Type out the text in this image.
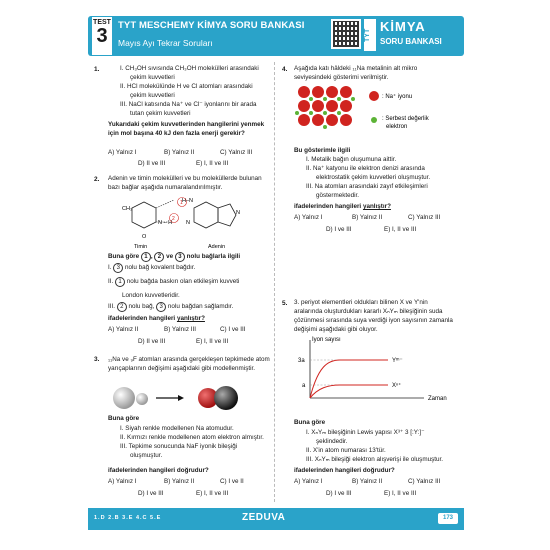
TEST
3	TYT MESCHEMY KİMYA SORU BANKASI
Mayıs Ayı Tekrar Soruları
TYT
KİMYA
SORU BANKASI
1.	I. CH₃OH sıvısında CH₃OH molekülleri arasındaki çekim kuvvetleri
II. HCl molekülünde H ve Cl atomları arasındaki çekim kuvvetleri
III. NaCl katısında Na⁺ ve Cl⁻ iyonlarını bir arada tutan çekim kuvvetleri
Yukarıdaki çekim kuvvetlerinden hangilerini yenmek için mol başına 40 kJ den fazla enerji gerekir?
A) Yalnız I	B) Yalnız II	C) Yalnız III
D) II ve III	E) I, II ve III
2. Adenin ve timin molekülleri ve bu moleküllerde bulunan bazı bağlar aşağıda numaralandırılmıştır.
CH₃
N – H
O
H–N
N
N
1
2
Timin	Adenin
Buna göre 1 , 2 ve 3 nolu bağlarla ilgili
I. 3 nolu bağ kovalent bağdır.
II. 1 nolu bağda baskın olan etkileşim kuvveti
London kuvvetleridir.
III. 2 nolu bağ, 3 nolu bağdan sağlamdır.
ifadelerinden hangileri yanlıştır?
A) Yalnız II	B) Yalnız III	C) I ve III
D) II ve III	E) I, II ve III
3. ₁₁Na ve ₉F atomları arasında gerçekleşen tepkimede atom yarıçaplarının değişimi aşağıdaki gibi modellenmiştir.
Buna göre
I. Siyah renkle modellenen Na atomudur.
II. Kırmızı renkle modellenen atom elektron almıştır.
III. Tepkime sonucunda NaF iyonik bileşiği oluşmuştur.
ifadelerinden hangileri doğrudur?
A) Yalnız I	B) Yalnız II	C) I ve II
D) I ve III	E) I, II ve III
4. Aşağıda katı hâldeki ₁₁Na metalinin alt mikro seviyesindeki gösterimi verilmiştir.
: Na⁺ iyonu
: Serbest değerlik
elektron
Bu gösterimle ilgili
I. Metalik bağın oluşumuna aittir.
II. Na⁺ katyonu ile elektron denizi arasında elektrostatik çekim kuvvetleri oluşmuştur.
III. Na atomları arasındaki zayıf etkileşimleri göstermektedir.
ifadelerinden hangileri yanlıştır?
A) Yalnız I	B) Yalnız II	C) Yalnız III
D) I ve III	E) I, II ve III
5. 3. periyot elementleri oldukları bilinen X ve Y'nin aralarında oluşturdukları kararlı XₙYₘ bileşiğinin suda çözünmesi sırasında suya verdiği iyon sayısının zamanla değişimi aşağıdaki gibi oluyor.
İyon sayısı
Zaman
3a
a
Yᵐ⁻
Xⁿ⁺
Buna göre
I. XₙYₘ bileşiğinin Lewis yapısı X³⁺ 3 [:Y:]⁻ şeklindedir.
II. X'in atom numarası 13'tür.
III. XₙYₘ bileşiği elektron alışverişi ile oluşmuştur.
ifadelerinden hangileri doğrudur?
A) Yalnız I	B) Yalnız II	C) Yalnız III
D) I ve III	E) I, II ve III
1.D 2.B 3.E 4.C 5.E	ZEDUVA	173
